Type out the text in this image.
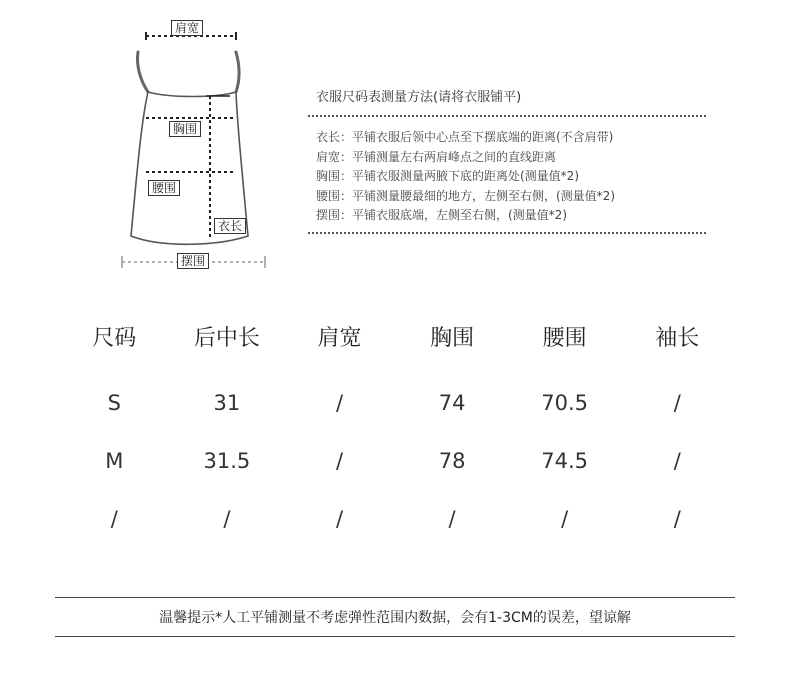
肩宽
胸围
腰围
衣长
摆围
衣服尺码表测量方法(请将衣服铺平)
衣长：平铺衣服后领中心点至下摆底端的距离(不含肩带)
肩宽：平铺测量左右两肩峰点之间的直线距离
胸围：平铺衣服测量两腋下底的距离处(测量值*2)
腰围：平铺测量腰最细的地方，左侧至右侧，(测量值*2)
摆围：平铺衣服底端，左侧至右侧，(测量值*2)
尺码	后中长	肩宽	胸围	腰围	袖长
S	31	/	74	70.5	/
M	31.5	/	78	74.5	/
/	/	/	/	/	/
温馨提示*人工平铺测量不考虑弹性范围内数据，会有1-3CM的误差，望谅解
